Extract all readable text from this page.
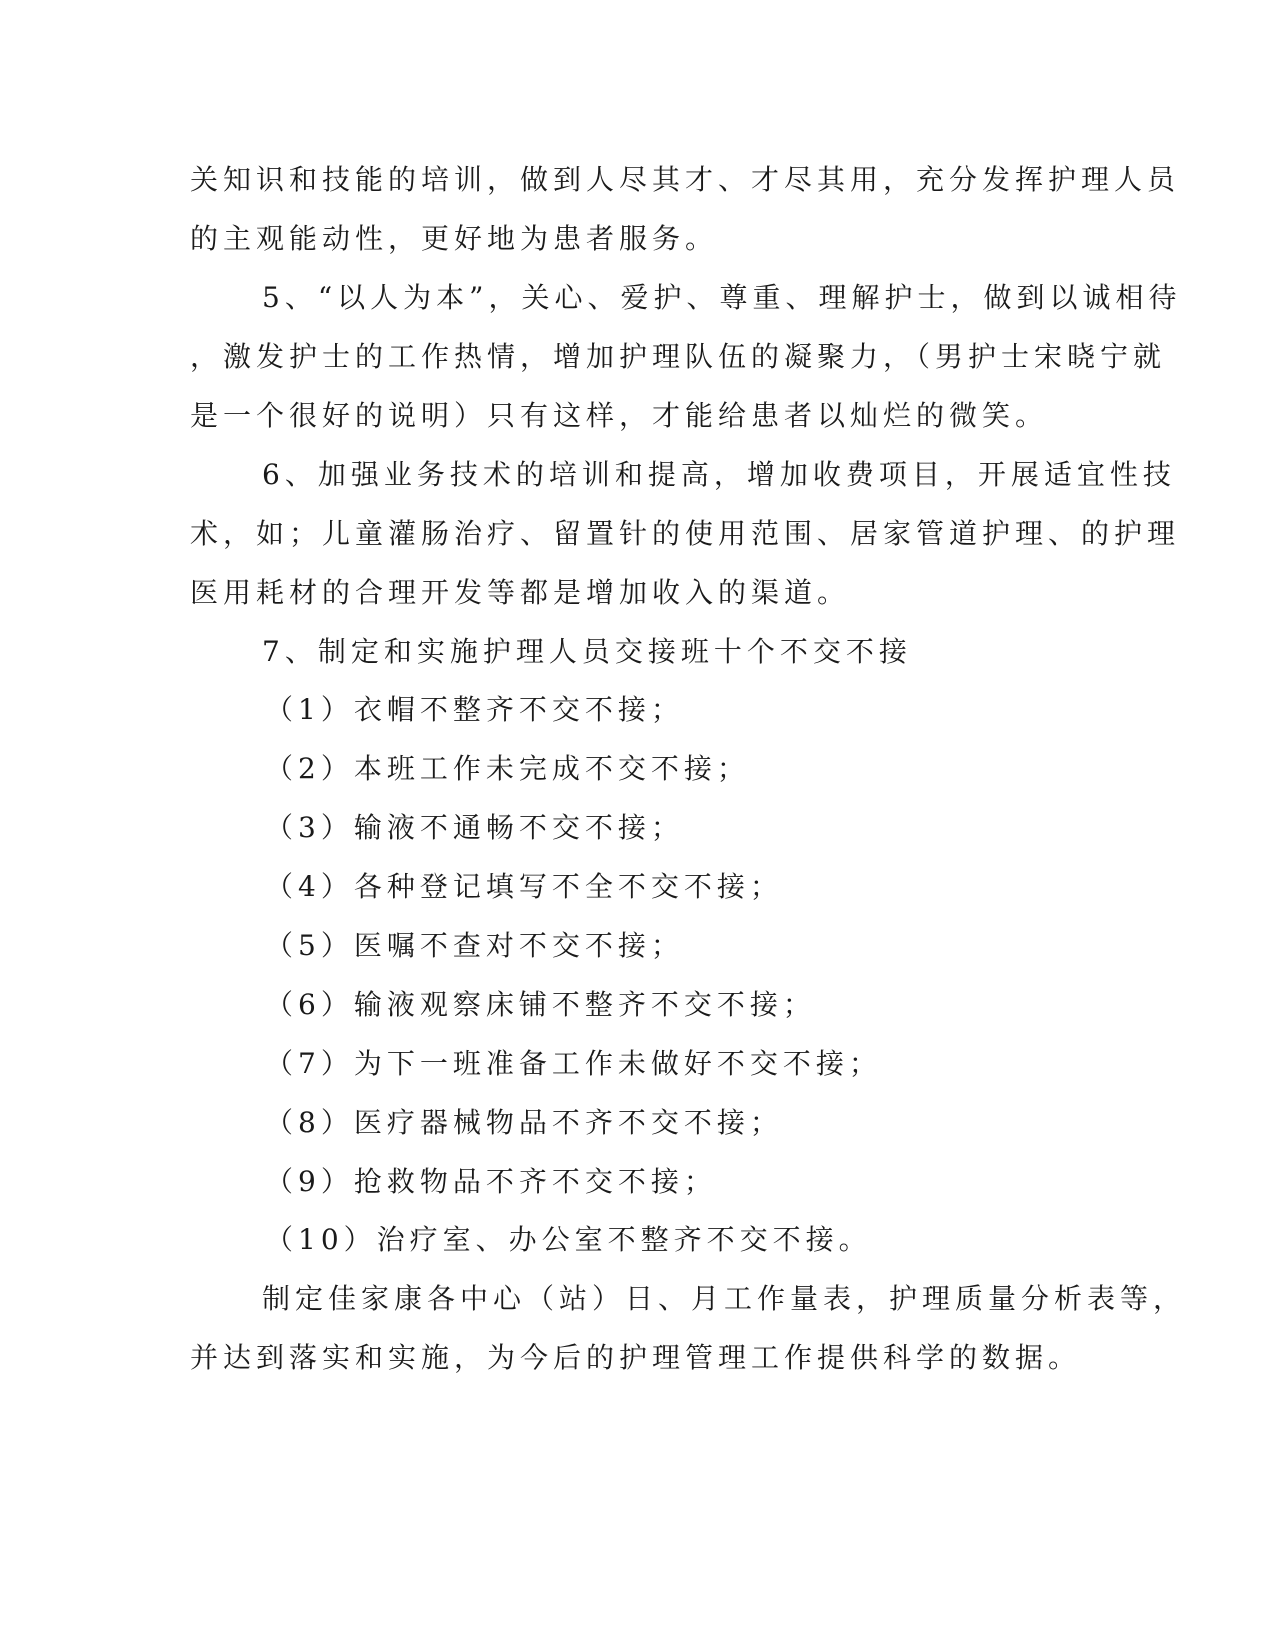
关知识和技能的培训，做到人尽其才、才尽其用，充分发挥护理人员

的主观能动性，更好地为患者服务。

5、“以人为本”，关心、爱护、尊重、理解护士，做到以诚相待

，激发护士的工作热情，增加护理队伍的凝聚力，（男护士宋晓宁就

是一个很好的说明）只有这样，才能给患者以灿烂的微笑。

6、加强业务技术的培训和提高，增加收费项目，开展适宜性技

术，如；儿童灌肠治疗、留置针的使用范围、居家管道护理、的护理

医用耗材的合理开发等都是增加收入的渠道。

7、制定和实施护理人员交接班十个不交不接

（1）衣帽不整齐不交不接；

（2）本班工作未完成不交不接；

（3）输液不通畅不交不接；

（4）各种登记填写不全不交不接；

（5）医嘱不查对不交不接；

（6）输液观察床铺不整齐不交不接；

（7）为下一班准备工作未做好不交不接；

（8）医疗器械物品不齐不交不接；

（9）抢救物品不齐不交不接；

（10）治疗室、办公室不整齐不交不接。

制定佳家康各中心（站）日、月工作量表，护理质量分析表等，

并达到落实和实施，为今后的护理管理工作提供科学的数据。
